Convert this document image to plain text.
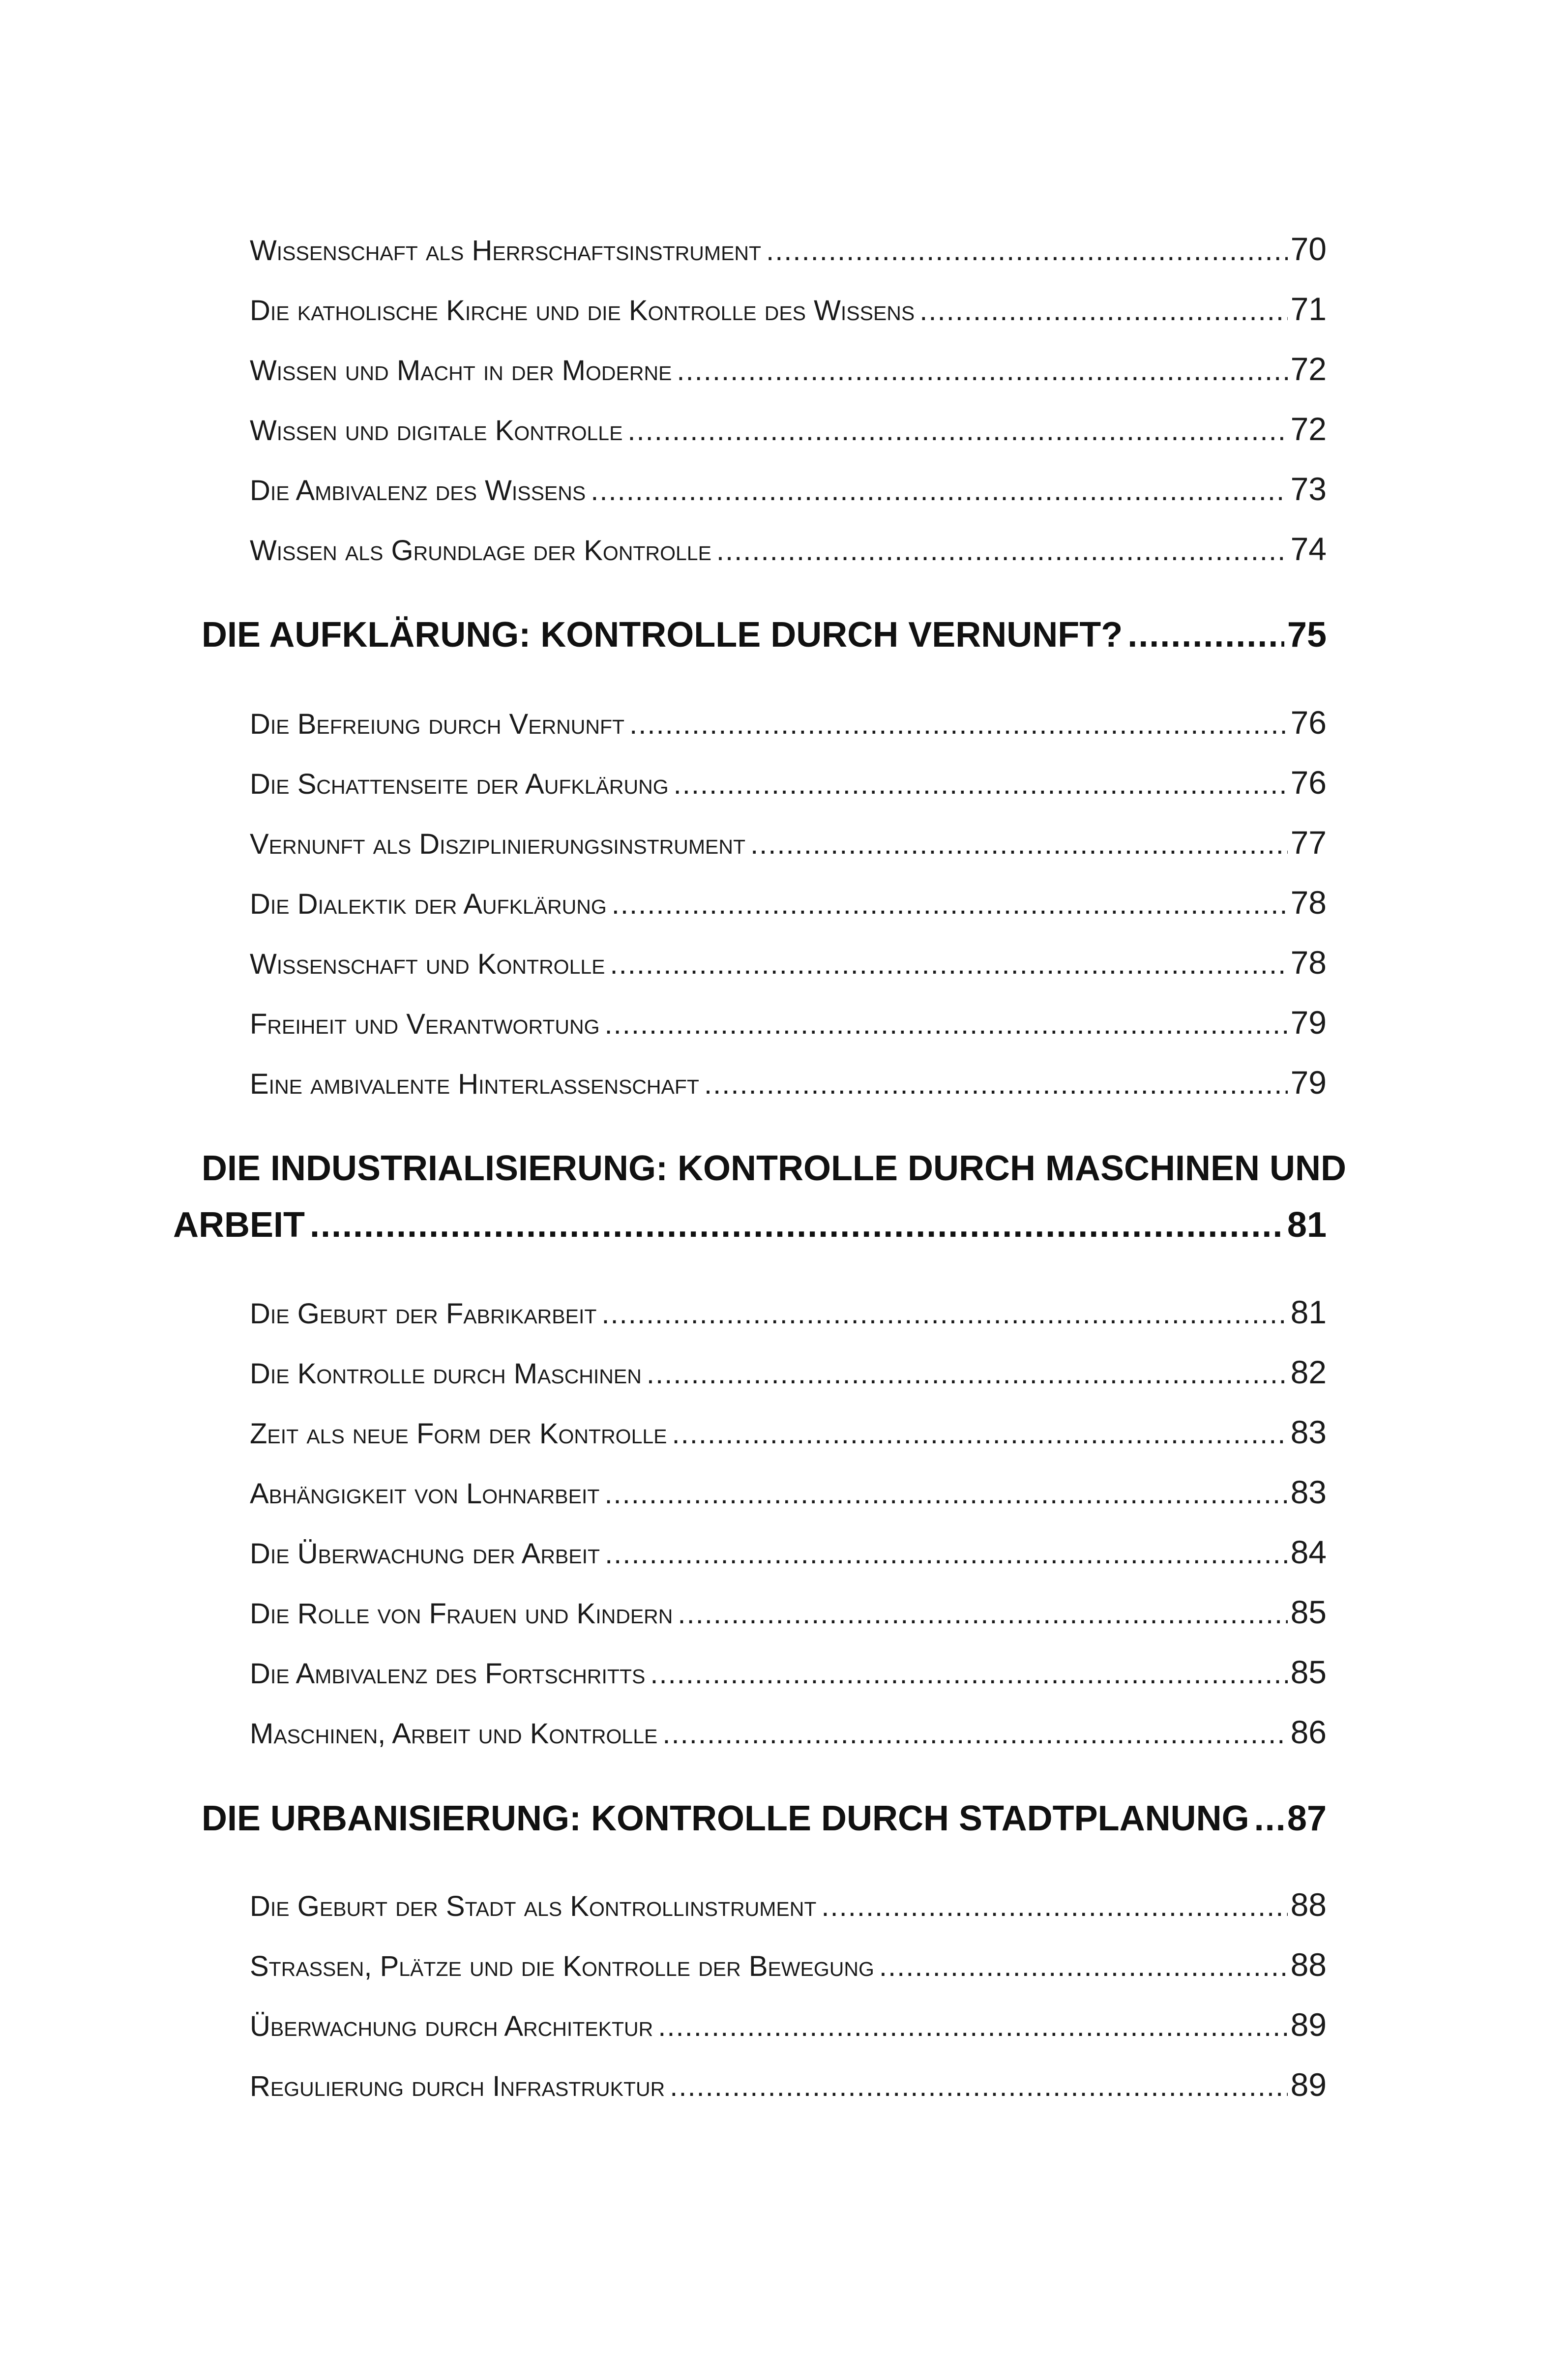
Wissenschaft als Herrschaftsinstrument .....	70
Die katholische Kirche und die Kontrolle des Wissens .....	71
Wissen und Macht in der Moderne .....	72
Wissen und digitale Kontrolle .....	72
Die Ambivalenz des Wissens .....	73
Wissen als Grundlage der Kontrolle .....	74
DIE AUFKLÄRUNG: KONTROLLE DURCH VERNUNFT? .....	75
Die Befreiung durch Vernunft .....	76
Die Schattenseite der Aufklärung .....	76
Vernunft als Disziplinierungsinstrument .....	77
Die Dialektik der Aufklärung .....	78
Wissenschaft und Kontrolle .....	78
Freiheit und Verantwortung .....	79
Eine ambivalente Hinterlassenschaft .....	79
DIE INDUSTRIALISIERUNG: KONTROLLE DURCH MASCHINEN UND
ARBEIT .....	81
Die Geburt der Fabrikarbeit .....	81
Die Kontrolle durch Maschinen .....	82
Zeit als neue Form der Kontrolle .....	83
Abhängigkeit von Lohnarbeit .....	83
Die Überwachung der Arbeit .....	84
Die Rolle von Frauen und Kindern .....	85
Die Ambivalenz des Fortschritts .....	85
Maschinen, Arbeit und Kontrolle .....	86
DIE URBANISIERUNG: KONTROLLE DURCH STADTPLANUNG ..... 87
Die Geburt der Stadt als Kontrollinstrument .....	88
Straßen, Plätze und die Kontrolle der Bewegung .....	88
Überwachung durch Architektur .....	89
Regulierung durch Infrastruktur .....	89
